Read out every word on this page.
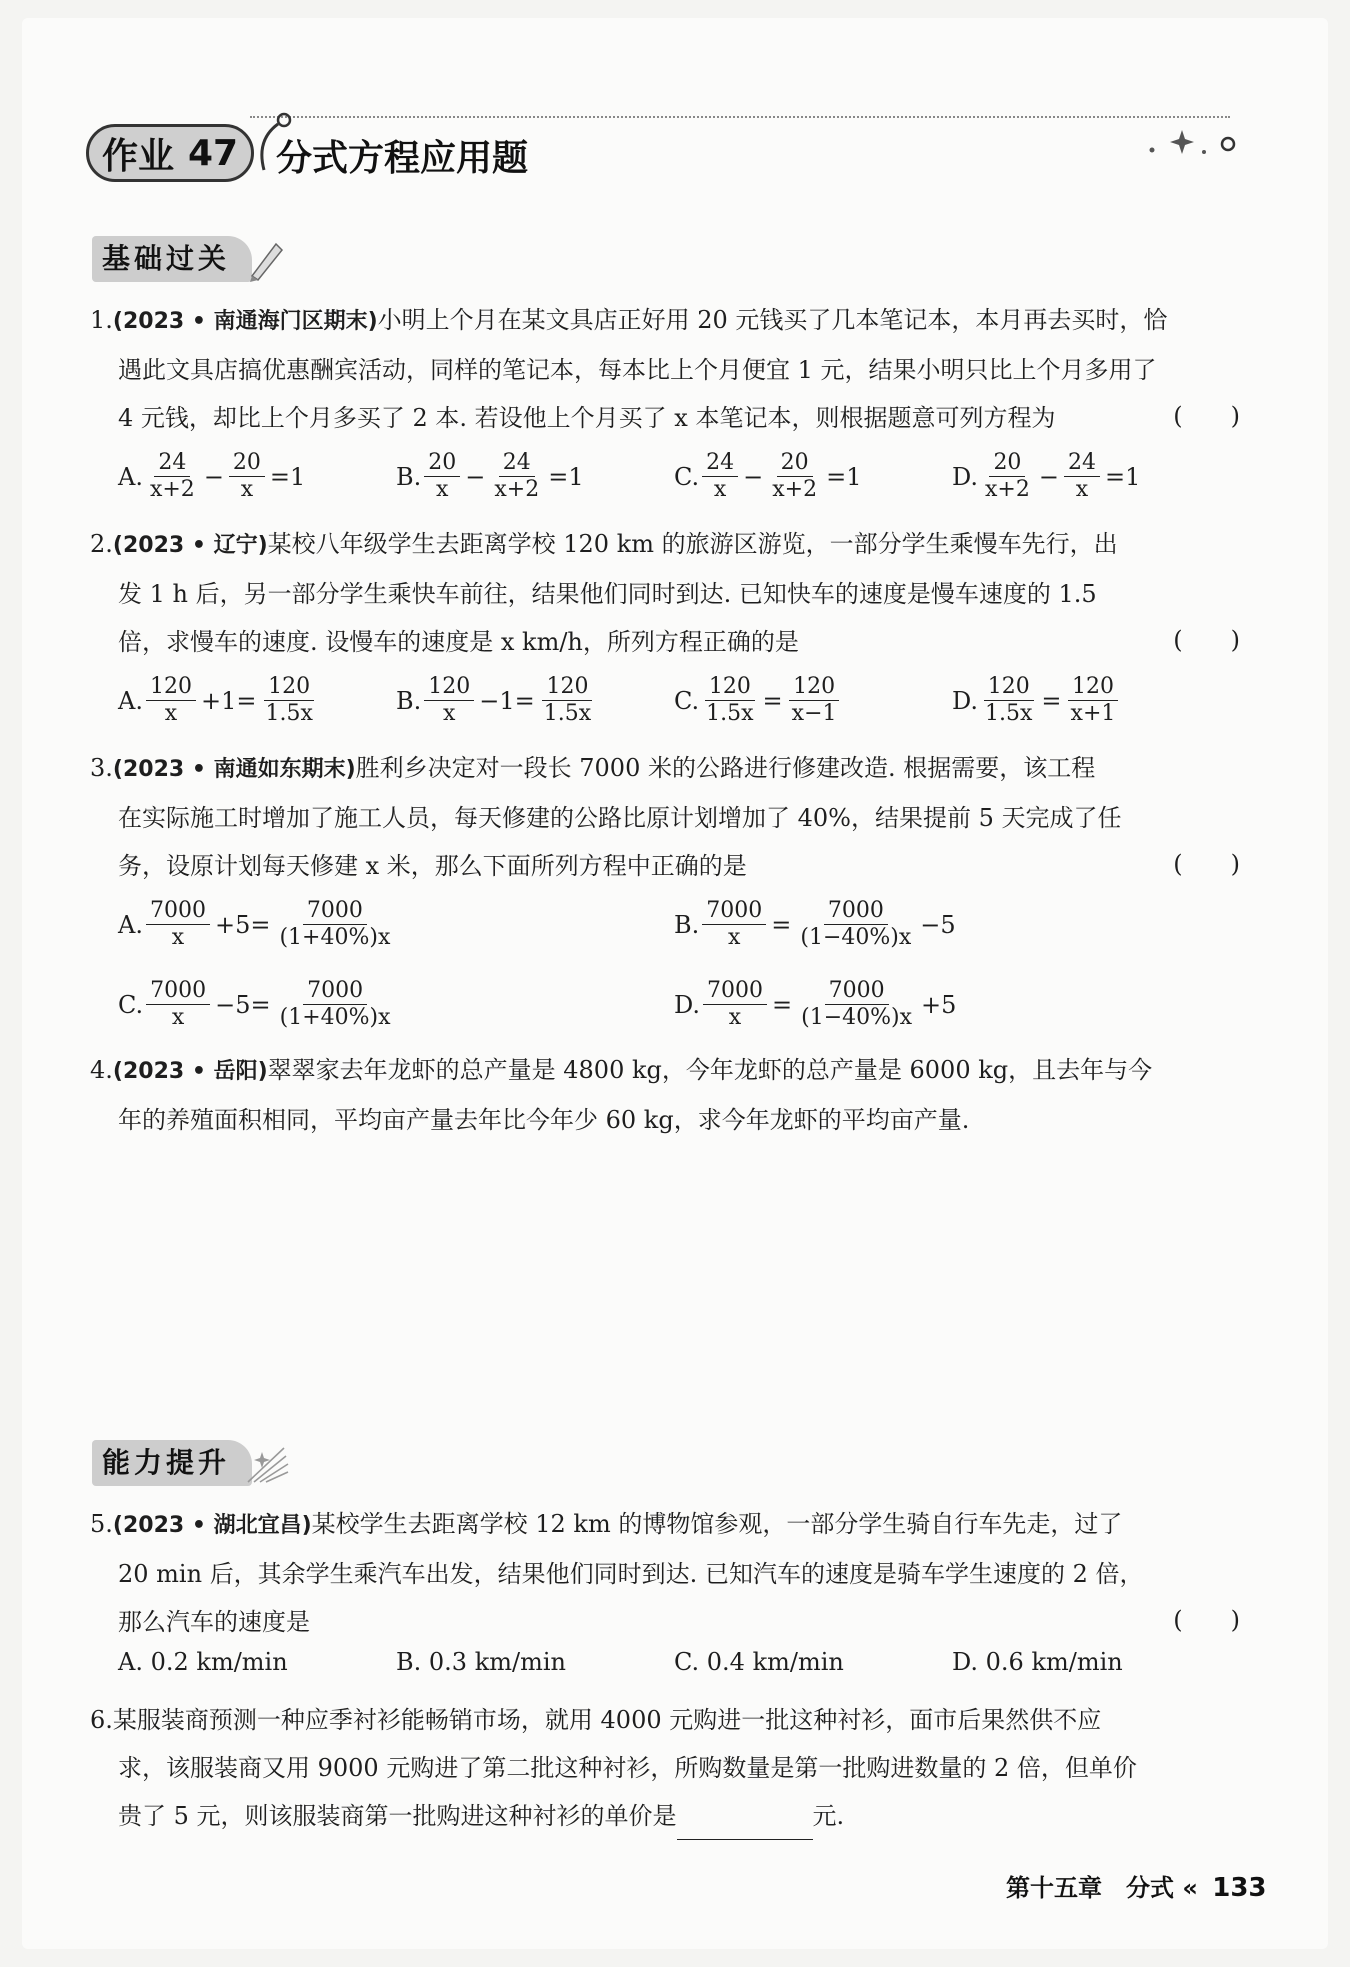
作业 47 分式方程应用题
基础过关
1.(2023 • 南通海门区期末)小明上个月在某文具店正好用 20 元钱买了几本笔记本，本月再去买时，恰
遇此文具店搞优惠酬宾活动，同样的笔记本，每本比上个月便宜 1 元，结果小明只比上个月多用了
4 元钱，却比上个月多买了 2 本. 若设他上个月买了 x 本笔记本，则根据题意可列方程为	(　　)
A. $\frac{24}{x+2} - \frac{20}{x} =1$	B. $\frac{20}{x} - \frac{24}{x+2} =1$	C. $\frac{24}{x} - \frac{20}{x+2} =1$	D. $\frac{20}{x+2} - \frac{24}{x} =1$
2.(2023 • 辽宁)某校八年级学生去距离学校 120 km 的旅游区游览，一部分学生乘慢车先行，出
发 1 h 后，另一部分学生乘快车前往，结果他们同时到达. 已知快车的速度是慢车速度的 1.5
倍，求慢车的速度. 设慢车的速度是 x km/h，所列方程正确的是	(　　)
A. $\frac{120}{x} +1= \frac{120}{1.5x}$	B. $\frac{120}{x} -1= \frac{120}{1.5x}$	C. $\frac{120}{1.5x} = \frac{120}{x-1}$	D. $\frac{120}{1.5x} = \frac{120}{x+1}$
3.(2023 • 南通如东期末)胜利乡决定对一段长 7000 米的公路进行修建改造. 根据需要，该工程
在实际施工时增加了施工人员，每天修建的公路比原计划增加了 40%，结果提前 5 天完成了任
务，设原计划每天修建 x 米，那么下面所列方程中正确的是	(　　)
A. $\frac{7000}{x} +5= \frac{7000}{(1+40\%)x}$	B. $\frac{7000}{x} = \frac{7000}{(1-40\%)x} -5$
C. $\frac{7000}{x} -5= \frac{7000}{(1+40\%)x}$	D. $\frac{7000}{x} = \frac{7000}{(1-40\%)x} +5$
4.(2023 • 岳阳)翠翠家去年龙虾的总产量是 4800 kg，今年龙虾的总产量是 6000 kg，且去年与今
年的养殖面积相同，平均亩产量去年比今年少 60 kg，求今年龙虾的平均亩产量.
能力提升
5.(2023 • 湖北宜昌)某校学生去距离学校 12 km 的博物馆参观，一部分学生骑自行车先走，过了
20 min 后，其余学生乘汽车出发，结果他们同时到达. 已知汽车的速度是骑车学生速度的 2 倍，
那么汽车的速度是	(　　)
A.
0.2 km/min	B.
0.3 km/min	C.
0.4 km/min	D.
0.6 km/min
6.某服装商预测一种应季衬衫能畅销市场，就用 4000 元购进一批这种衬衫，面市后果然供不应
求，该服装商又用 9000 元购进了第二批这种衬衫，所购数量是第一批购进数量的 2 倍，但单价
贵了 5 元，则该服装商第一批购进这种衬衫的单价是	元.
第十五章　分式 « 133
